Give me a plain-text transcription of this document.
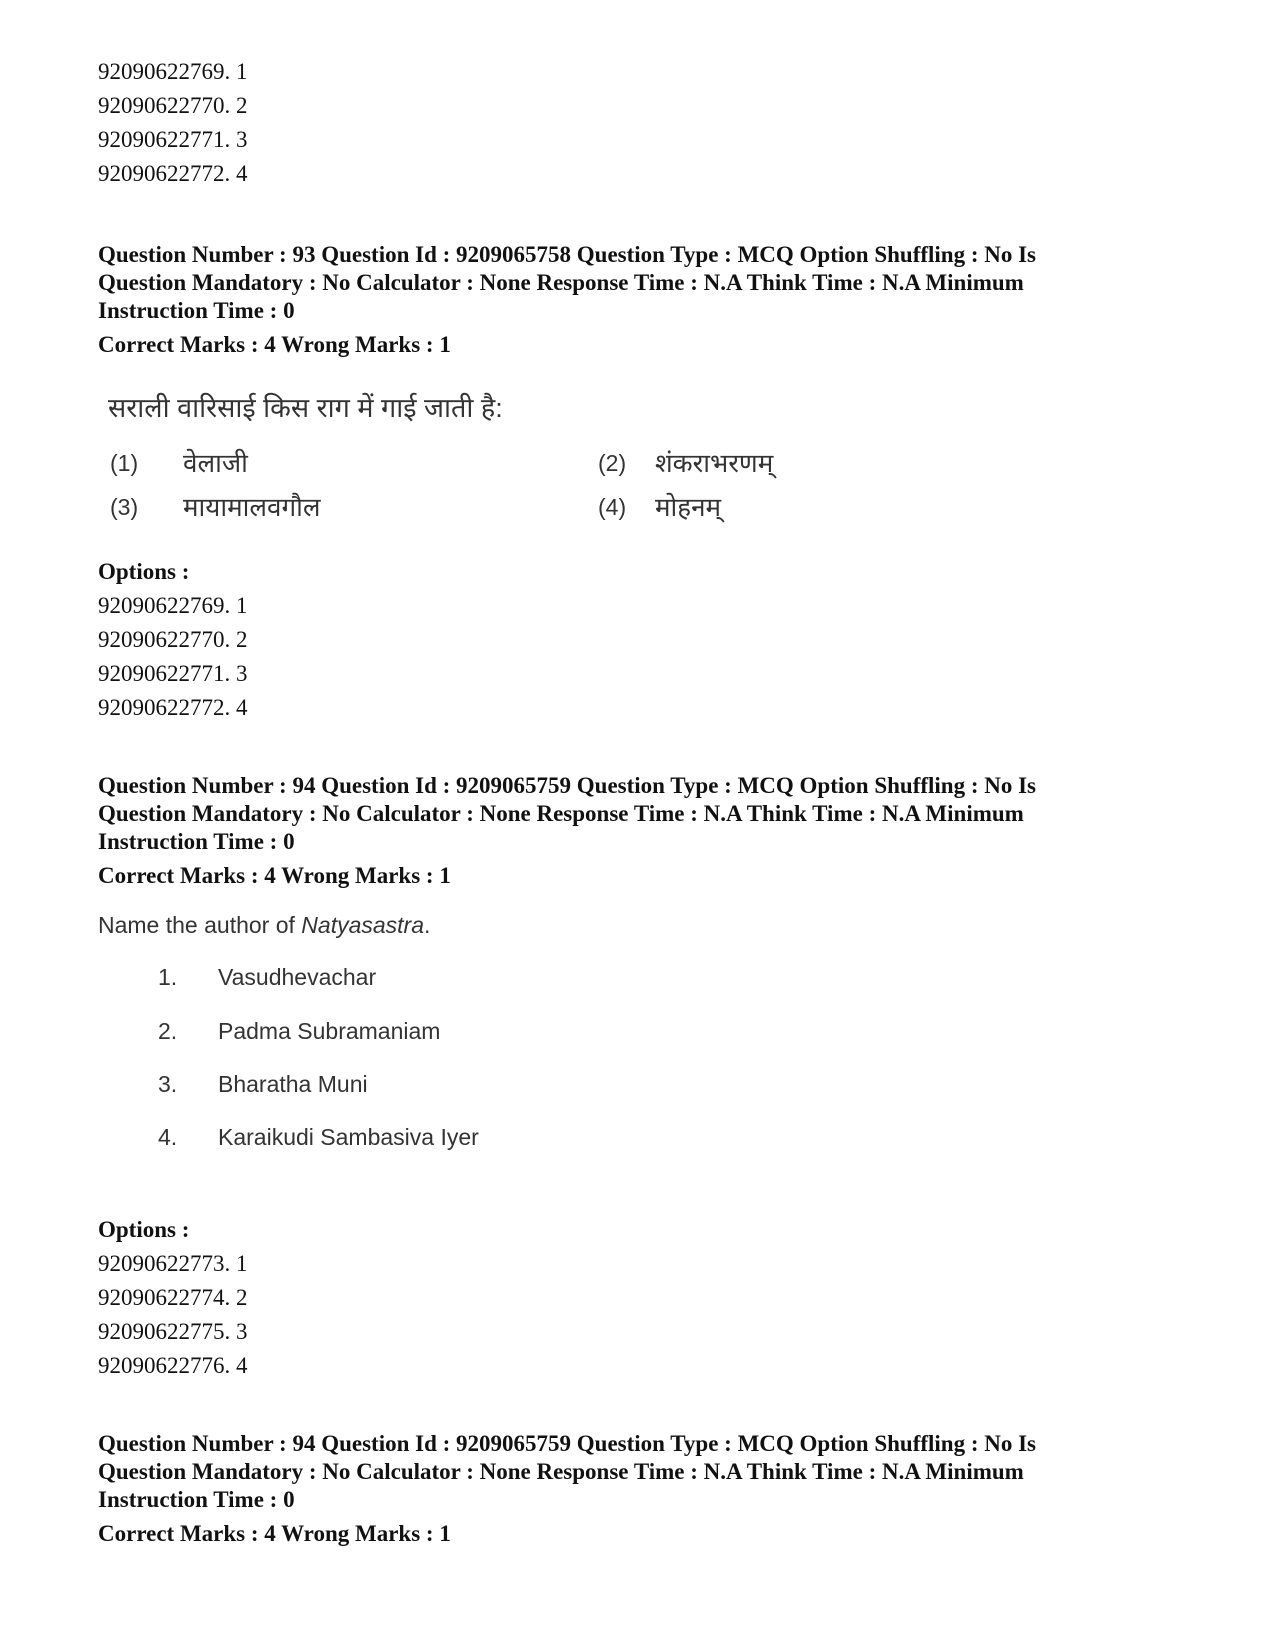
92090622769. 1
92090622770. 2
92090622771. 3
92090622772. 4
Question Number : 93 Question Id : 9209065758 Question Type : MCQ Option Shuffling : No Is
Question Mandatory : No Calculator : None Response Time : N.A Think Time : N.A Minimum
Instruction Time : 0
Correct Marks : 4 Wrong Marks : 1
सराली वारिसाई किस राग में गाई जाती है:
(1) वेलाजी	(2) शंकराभरणम्
(3) मायामालवगौल	(4) मोहनम्
Options :
92090622769. 1
92090622770. 2
92090622771. 3
92090622772. 4
Question Number : 94 Question Id : 9209065759 Question Type : MCQ Option Shuffling : No Is
Question Mandatory : No Calculator : None Response Time : N.A Think Time : N.A Minimum
Instruction Time : 0
Correct Marks : 4 Wrong Marks : 1
Name the author of Natyasastra.
1. Vasudhevachar
2. Padma Subramaniam
3. Bharatha Muni
4. Karaikudi Sambasiva Iyer
Options :
92090622773. 1
92090622774. 2
92090622775. 3
92090622776. 4
Question Number : 94 Question Id : 9209065759 Question Type : MCQ Option Shuffling : No Is
Question Mandatory : No Calculator : None Response Time : N.A Think Time : N.A Minimum
Instruction Time : 0
Correct Marks : 4 Wrong Marks : 1
